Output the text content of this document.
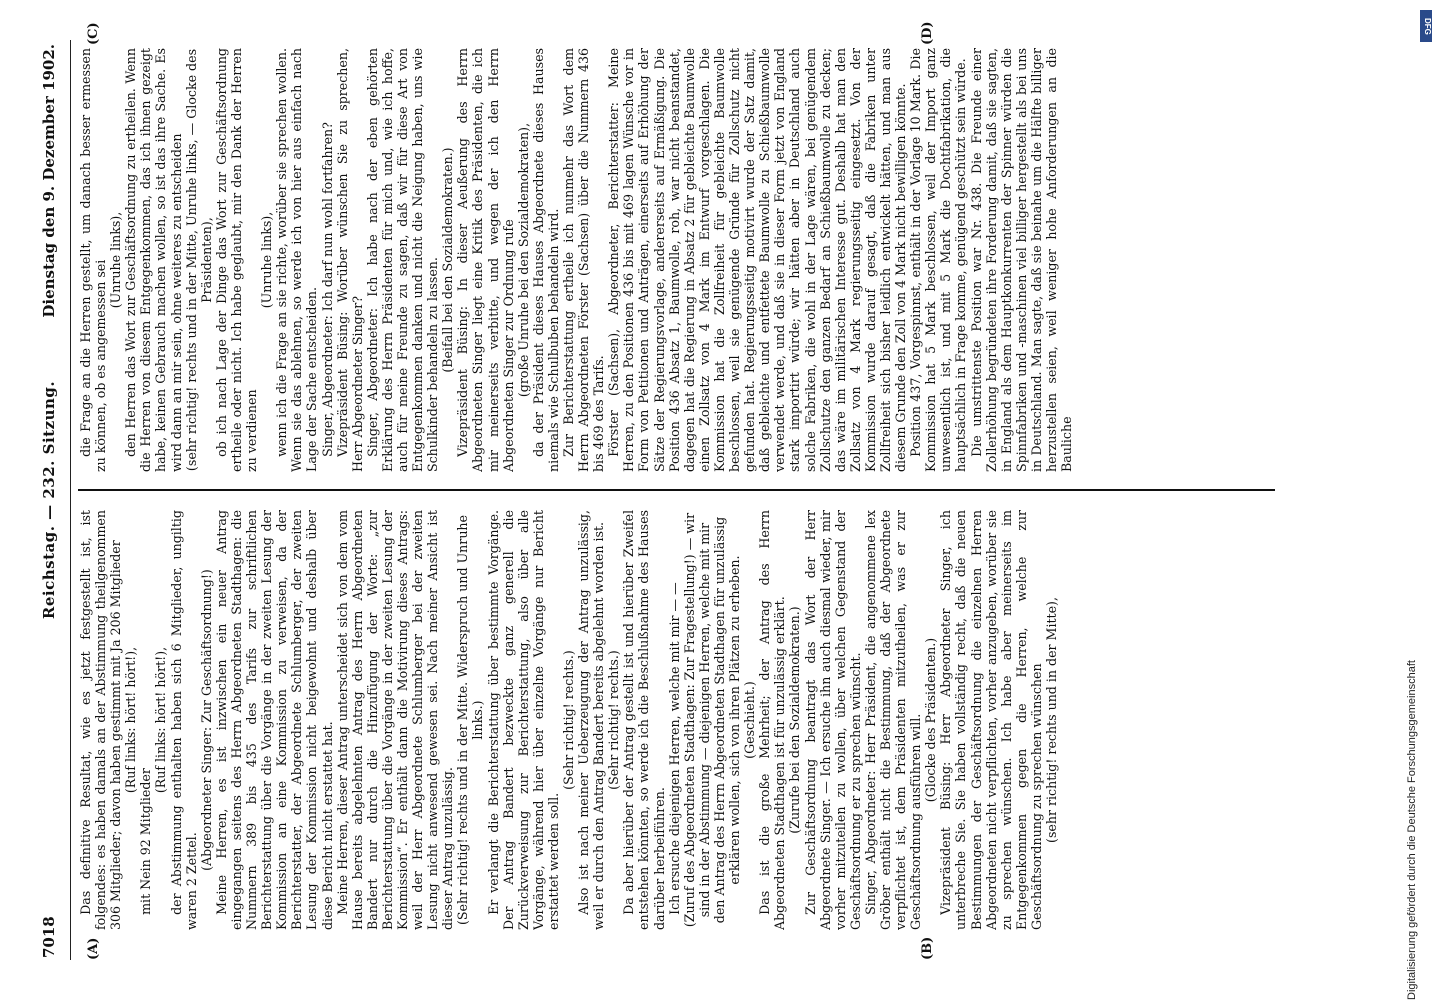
7018
Reichstag. — 232. Sitzung.
Dienstag den 9. Dezember 1902.
(A)	(B)
(C)	(D)

Das definitive Resultat, wie es jetzt festgestellt ist, ist folgendes: es haben damals an der Abstimmung theilgenommen 306 Mitglieder; davon haben gestimmt mit Ja 206 Mitglieder (Ruf links: hört! hört!),

mit Nein 92 Mitglieder

(Ruf links: hört! hört!), der Abstimmung enthalten haben sich 6 Mitglieder, ungiltig waren 2 Zettel.

(Abgeordneter Singer: Zur Geschäftsordnung!) Meine Herren, es ist inzwischen ein neuer Antrag eingegangen seitens des Herrn Abgeordneten Stadthagen: die Nummern 389 bis 435 des Tarifs zur schriftlichen Berichterstattung über die Vorgänge in der zweiten Lesung der Kommission an eine Kommission zu verweisen, da der Berichterstatter, der Abgeordnete Schlumberger, der zweiten Lesung der Kommission nicht beigewohnt und deshalb über diese Bericht nicht erstattet hat. Meine Herren, dieser Antrag unterscheidet sich von dem vom Hause bereits abgelehnten Antrag des Herrn Abgeordneten Bandert nur durch die Hinzufügung der Worte: „zur Berichterstattung über die Vorgänge in der zweiten Lesung der Kommission“. Er enthält dann die Motivirung dieses Antrags: weil der Herr Abgeordnete Schlumberger bei der zweiten Lesung nicht anwesend gewesen sei. Nach meiner Ansicht ist dieser Antrag unzulässig. (Sehr richtig! rechts und in der Mitte. Widerspruch und Unruhe links.) Er verlangt die Berichterstattung über bestimmte Vorgänge. Der Antrag Bandert bezweckte ganz generell die Zurückverweisung zur Berichterstattung, also über alle Vorgänge, während hier über einzelne Vorgänge nur Bericht erstattet werden soll.

(Sehr richtig! rechts.) Also ist nach meiner Ueberzeugung der Antrag unzulässig, weil er durch den Antrag Bandert bereits abgelehnt worden ist. (Sehr richtig! rechts.) Da aber hierüber der Antrag gestellt ist und hierüber Zweifel entstehen könnten, so werde ich die Beschlußnahme des Hauses darüber herbeiführen. Ich ersuche diejenigen Herren, welche mit mir — — (Zuruf des Abgeordneten Stadthagen: Zur Fragestellung!) — wir sind in der Abstimmung — diejenigen Herren, welche mit mir den Antrag des Herrn Abgeordneten Stadthagen für unzulässig erklären wollen, sich von ihren Plätzen zu erheben. (Geschieht.) Das ist die große Mehrheit; der Antrag des Herrn Abgeordneten Stadthagen ist für unzulässig erklärt. (Zurufe bei den Sozialdemokraten.) Zur Geschäftsordnung beantragt das Wort der Herr Abgeordnete Singer. — Ich ersuche ihn auch diesmal wieder, mir vorher mitzuteilen zu wollen, über welchen Gegenstand der Geschäftsordnung er zu sprechen wünscht. Singer, Abgeordneter: Herr Präsident, die angenommene lex Gröber enthält nicht die Bestimmung, daß der Abgeordnete verpflichtet ist, dem Präsidenten mitzutheilen, was er zur Geschäftsordnung ausführen will. (Glocke des Präsidenten.) Vizepräsident Büsing: Herr Abgeordneter Singer, ich unterbreche Sie. Sie haben vollständig recht, daß die neuen Bestimmungen der Geschäftsordnung die einzelnen Herren Abgeordneten nicht verpflichten, vorher anzugeben, worüber sie zu sprechen wünschen. Ich habe aber meinerseits im Entgegenkommen gegen die Herren, welche zur Geschäftsordnung zu sprechen wünschen (sehr richtig! rechts und in der Mitte),

die Frage an die Herren gestellt, um danach besser ermessen zu können, ob es angemessen sei (Unruhe links), den Herren das Wort zur Geschäftsordnung zu ertheilen. Wenn die Herren von diesem Entgegenkommen, das ich ihnen gezeigt habe, keinen Gebrauch machen wollen, so ist das ihre Sache. Es wird dann an mir sein, ohne weiteres zu entscheiden (sehr richtig! rechts und in der Mitte, Unruhe links, — Glocke des Präsidenten), ob ich nach Lage der Dinge das Wort zur Geschäftsordnung ertheile oder nicht. Ich habe geglaubt, mir den Dank der Herren zu verdienen

(Unruhe links), wenn ich die Frage an sie richte, worüber sie sprechen wollen. Wenn sie das ablehnen, so werde ich von hier aus einfach nach Lage der Sache entscheiden. Singer, Abgeordneter: Ich darf nun wohl fortfahren? Vizepräsident Büsing: Worüber wünschen Sie zu sprechen, Herr Abgeordneter Singer? Singer, Abgeordneter: Ich habe nach der eben gehörten Erklärung des Herrn Präsidenten für mich und, wie ich hoffe, auch für meine Freunde zu sagen, daß wir für diese Art von Entgegenkommen danken und nicht die Neigung haben, uns wie Schulkinder behandeln zu lassen. (Beifall bei den Sozialdemokraten.) Vizepräsident Büsing: In dieser Aeußerung des Herrn Abgeordneten Singer liegt eine Kritik des Präsidenten, die ich mir meinerseits verbitte, und wegen der ich den Herrn Abgeordneten Singer zur Ordnung rufe (große Unruhe bei den Sozialdemokraten), da der Präsident dieses Hauses Abgeordnete dieses Hauses niemals wie Schulbuben behandeln wird. Zur Berichterstattung ertheile ich nunmehr das Wort dem Herrn Abgeordneten Förster (Sachsen) über die Nummern 436 bis 469 des Tarifs. Förster (Sachsen), Abgeordneter, Berichterstatter: Meine Herren, zu den Positionen 436 bis mit 469 lagen Wünsche vor in Form von Petitionen und Anträgen, einerseits auf Erhöhung der Sätze der Regierungsvorlage, andererseits auf Ermäßigung. Die Position 436 Absatz 1, Baumwolle, roh, war nicht beanstandet, dagegen hat die Regierung in Absatz 2 für gebleichte Baumwolle einen Zollsatz von 4 Mark im Entwurf vorgeschlagen. Die Kommission hat die Zollfreiheit für gebleichte Baumwolle beschlossen, weil sie genügende Gründe für Zollschutz nicht gefunden hat. Regierungsseitig motivirt wurde der Satz damit, daß gebleichte und entfettete Baumwolle zu Schießbaumwolle verwendet werde, und daß sie in dieser Form jetzt von England stark importirt würde; wir hätten aber in Deutschland auch solche Fabriken, die wohl in der Lage wären, bei genügendem Zollschutze den ganzen Bedarf an Schießbaumwolle zu decken; das wäre im militärischen Interesse gut. Deshalb hat man den Zollsatz von 4 Mark regierungsseitig eingesetzt. Von der Kommission wurde darauf gesagt, daß die Fabriken unter Zollfreiheit sich bisher leidlich entwickelt hätten, und man aus diesem Grunde den Zoll von 4 Mark nicht bewilligen könnte. Position 437, Vorgespinnst, enthält in der Vorlage 10 Mark. Die Kommission hat 5 Mark beschlossen, weil der Import ganz unwesentlich ist, und mit 5 Mark die Dochtfabrikation, die hauptsächlich in Frage komme, genügend geschützt sein würde. Die umstrittenste Position war Nr. 438. Die Freunde einer Zollerhöhung begründeten ihre Forderung damit, daß sie sagten, in England als dem Hauptkonkurrenten der Spinner würden die Spinnfabriken und -maschinen viel billiger hergestellt als bei uns in Deutschland. Man sagte, daß sie beinahe um die Hälfte billiger herzustellen seien, weil weniger hohe Anforderungen an die Bauliche

Digitalisierung gefördert durch die Deutsche Forschungsgemeinschaft
DFG
